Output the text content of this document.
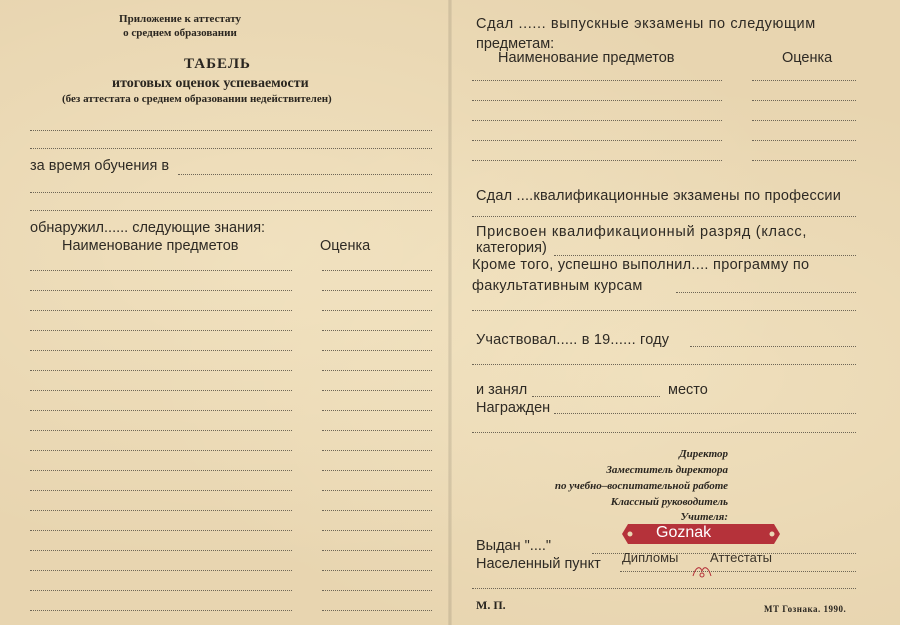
Приложение к аттестату
о среднем образовании
ТАБЕЛЬ
итоговых оценок успеваемости
(без аттестата о среднем образовании недействителен)
за время обучения в
обнаружил...... следующие знания:
Наименование предметов	Оценка
Сдал ...... выпускные экзамены по следующим
предметам:
Наименование предметов	Оценка
Сдал ....квалификационные экзамены по профессии
Присвоен квалификационный разряд (класс,
категория)
Кроме того, успешно выполнил.... программу по
факультативным курсам
Участвовал..... в 19...... году
и занял	место
Награжден
Директор
Заместитель директора
по учебно–воспитательной работе
Классный руководитель
Учителя:
Выдан "...."
Населенный пункт
М. П.	МТ Гознака. 1990.
Goznak
Дипломы Аттестаты
